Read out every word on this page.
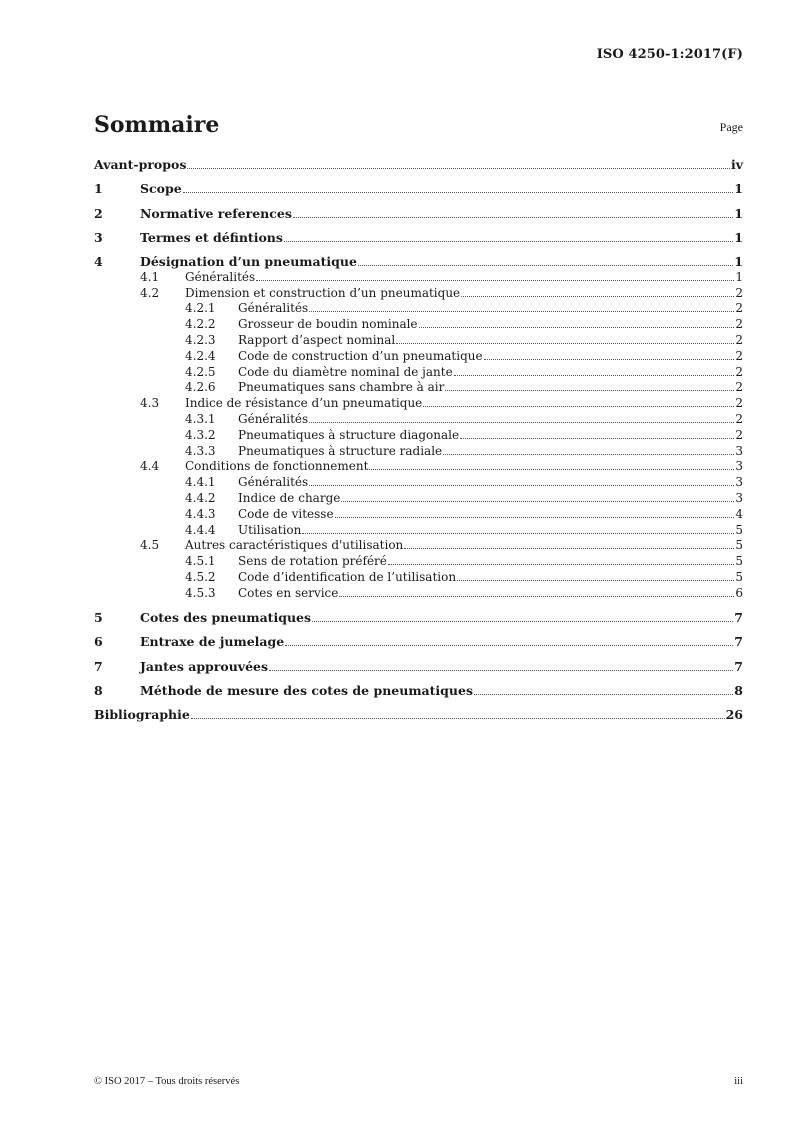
ISO 4250-1:2017(F)
Sommaire	Page
Avant-propos	iv
1	Scope	1
2	Normative references	1
3	Termes et défintions	1
4	Désignation d’un pneumatique	1
4.1	Généralités	1
4.2	Dimension et construction d’un pneumatique	2
4.2.1	Généralités	2
4.2.2	Grosseur de boudin nominale	2
4.2.3	Rapport d’aspect nominal	2
4.2.4	Code de construction d’un pneumatique	2
4.2.5	Code du diamètre nominal de jante	2
4.2.6	Pneumatiques sans chambre à air	2
4.3	Indice de résistance d’un pneumatique	2
4.3.1	Généralités	2
4.3.2	Pneumatiques à structure diagonale	2
4.3.3	Pneumatiques à structure radiale	3
4.4	Conditions de fonctionnement	3
4.4.1	Généralités	3
4.4.2	Indice de charge	3
4.4.3	Code de vitesse	4
4.4.4	Utilisation	5
4.5	Autres caractéristiques d'utilisation	5
4.5.1	Sens de rotation préféré	5
4.5.2	Code d’identification de l’utilisation	5
4.5.3	Cotes en service	6
5	Cotes des pneumatiques	7
6	Entraxe de jumelage	7
7	Jantes approuvées	7
8	Méthode de mesure des cotes de pneumatiques	8
Bibliographie	26
© ISO 2017 – Tous droits réservés	iii
